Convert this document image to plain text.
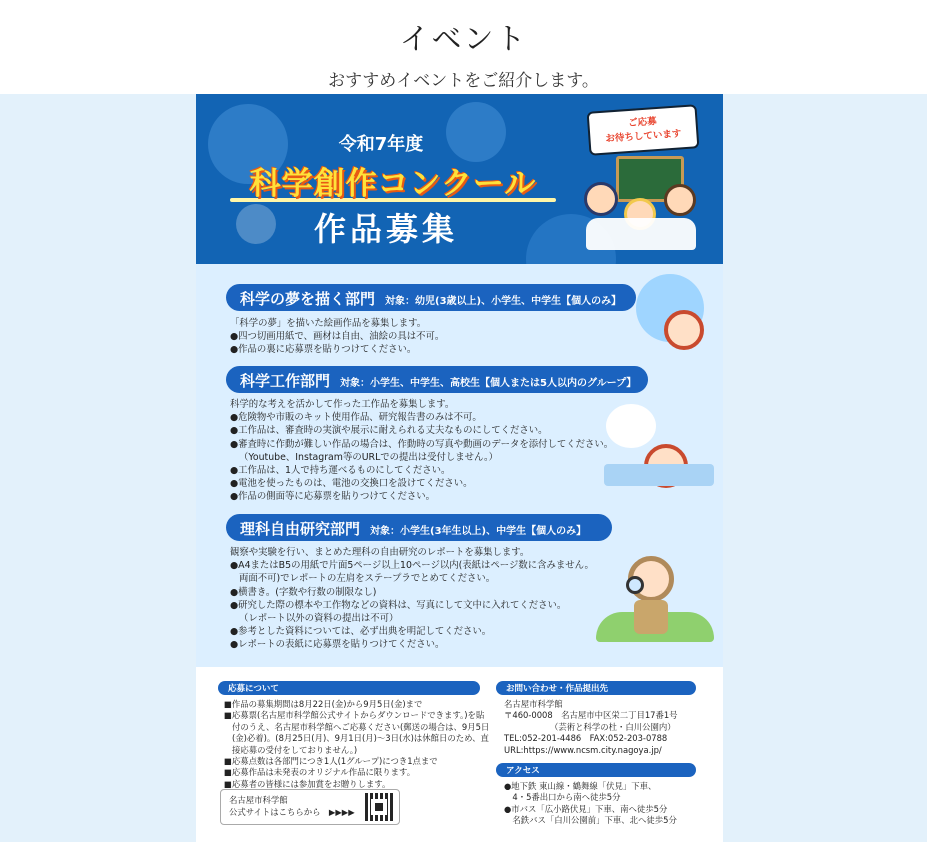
イベント

おすすめイベントをご紹介します。

令和7年度
科学創作コンクール
作品募集
ご応募
お待ちしています
科学の夢を描く部門 対象：幼児(3歳以上)、小学生、中学生【個人のみ】
「科学の夢」を描いた絵画作品を募集します。
●四つ切画用紙で、画材は自由、油絵の具は不可。
●作品の裏に応募票を貼りつけてください。
科学工作部門 対象：小学生、中学生、高校生【個人または5人以内のグループ】
科学的な考えを活かして作った工作品を募集します。
●危険物や市販のキット使用作品、研究報告書のみは不可。
●工作品は、審査時の実演や展示に耐えられる丈夫なものにしてください。
●審査時に作動が難しい作品の場合は、作動時の写真や動画のデータを添付してください。
（Youtube、Instagram等のURLでの提出は受付しません。）
●工作品は、1人で持ち運べるものにしてください。
●電池を使ったものは、電池の交換口を設けてください。
●作品の側面等に応募票を貼りつけてください。
理科自由研究部門 対象：小学生(3年生以上)、中学生【個人のみ】
観察や実験を行い、まとめた理科の自由研究のレポートを募集します。
●A4またはB5の用紙で片面5ページ以上10ページ以内(表紙はページ数に含みません。
両面不可)でレポートの左肩をステープラでとめてください。
●横書き。(字数や行数の制限なし)
●研究した際の標本や工作物などの資料は、写真にして文中に入れてください。
（レポート以外の資料の提出は不可）
●参考とした資料については、必ず出典を明記してください。
●レポートの表紙に応募票を貼りつけてください。
応募について
■作品の募集期間は8月22日(金)から9月5日(金)まで
■応募票(名古屋市科学館公式サイトからダウンロードできます。)を貼
付のうえ、名古屋市科学館へご応募ください(郵送の場合は、9月5日
(金)必着)。(8月25日(月)、9月1日(月)～3日(水)は休館日のため、直
接応募の受付をしておりません。)
■応募点数は各部門につき1人(1グループ)につき1点まで
■応募作品は未発表のオリジナル作品に限ります。
■応募者の皆様には参加賞をお贈りします。
名古屋市科学館
公式サイトはこちらから　▶▶▶▶
お問い合わせ・作品提出先
名古屋市科学館
〒460-0008　名古屋市中区栄二丁目17番1号
　　　　　　（芸術と科学の杜・白川公園内）
TEL:052-201-4486　FAX:052-203-0788
URL:https://www.ncsm.city.nagoya.jp/
アクセス
●地下鉄 東山線・鶴舞線「伏見」下車、
　4・5番出口から南へ徒歩5分
●市バス「広小路伏見」下車、南へ徒歩5分
　名鉄バス「白川公園前」下車、北へ徒歩5分
